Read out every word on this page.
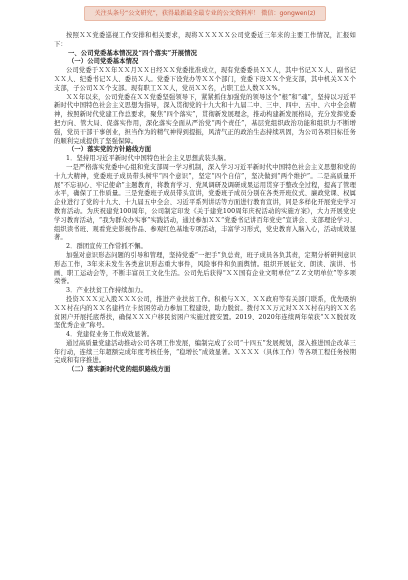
关注头条号“公文研究”，获得最新最全最专业的公文资料库！ 微信：gongwen(z)

按照ＸＸ党委巡视工作安排和相关要求，现将ＸＸＸＸＸ公司党委近三年来的主要工作情况，汇报如下：

一、公司党委基本情况及“四个落实”开展情况

（一）公司党委基本情况

公司党委于ＸＸ年ＸＸ月ＸＸ日经ＸＸ党委批准成立，现有党委委员ＸＸ人，其中书记ＸＸ人、副书记ＸＸ人、纪委书记Ｘ人、委员Ｘ人。党委下设党办等ＸＸ个部门，党委下设ＸＸ个党支部，其中机关ＸＸ个支部，子公司ＸＸ个支部。现有职工ＸＸ人，党员ＸＸ名，占职工总人数ＸＸ%。

ＸＸ年以来，公司党委在ＸＸ党委坚强领导下，紧紧抓住加强党的领导这个“根”和“魂”，坚持以习近平新时代中国特色社会主义思想为指导，深入贯彻党的十九大和十九届二中、三中、四中、五中、六中全会精神，按照新时代党建工作总要求，聚焦“四个落实”，贯彻新发展理念，推动构建新发展格局，充分发挥党委把方向、管大局、促落实作用，深化落实全面从严治党“两个责任”，基层党组织政治功能和组织力不断增强，党员干部干事创业，担当作为的精气神得到提振，风清气正的政治生态持续巩固，为公司各项目标任务的顺利完成提供了坚强保障。

（一）落实党的方针路线方面

1．坚持用习近平新时代中国特色社会主义思想武装头脑。

一是严格落实党委中心组和党支部周一学习机制，深入学习习近平新时代中国特色社会主义思想和党的十九大精神，党委班子成员带头树牢“四个意识”，坚定“四个自信”，坚决做到“两个维护”。二是高质量开展“不忘初心、牢记使命”主题教育，将教育学习、党风调研及调研成果运用贯穿于整改全过程，提高了管理水平，确保了工作质量。三是党委班子成员带头宣讲，党委班子成员分别在各类开班仪式、廉政党课、权属企业进行了党的十九大、十九届五中全会、习近平系列讲话等方面进行教育宣讲，同是多样化开展党史学习教育活动。为庆祝建党100周年，公司制定印发《关于建党100周年庆祝活动的实施方案》，大力开展党史学习教育活动，“我为群众办实事”实践活动，通过参加ＸＸ“党委书记讲百年党史”宣讲会、支部理论学习、组织读书班、观看党史影视作品、参观红色基地专项活动，丰富学习形式，党史教育入脑入心，活动成效显著。

2．群团宣传工作常抓不懈。

加强对意识形态问题的引导和管理，坚持党委“一把手”负总责，班子成员各负其责，定期分析研判意识形态工作，3年来未发生各类意识形态重大事件，风险事件和负面舆情。组织开展征文、朗读、演讲、书画、职工运动会等，不断丰富员工文化生活。公司先后获得“ＸＸ国有企业文明单位”ＺＺ文明单位”等多项荣誉。

3．产业扶贫工作持续加力。

投资ＸＸＸ元入股ＸＸＸ公司，推进产业扶贫工作。积极与ＸＸ、ＸＸ政府等有关部门联系，优先吸纳ＸＸ村在内的ＸＸ名建档立卡贫困劳动力参加工程建设，助力脱贫。拨付ＸＸ万元对ＸＸＸ村在内的ＸＸ名贫困户开展托底帮扶，确保ＸＸＸ户移民贫困户实施过渡安置。2019、2020年连续两年荣获“ＸＸ脱贫攻坚优秀企业”称号。

4．党建促业务工作成效显著。

通过高质量党建活动推动公司各项工作发展，编制完成了公司“十四五”发展规划，深入推进国企改革三年行动，连续三年超额完成年度考核任务，“稳增长”成效显著。ＸＸＸＸ（具体工作）等各项工程任务按期完成和有序推进。

（二）落实新时代党的组织路线方面
